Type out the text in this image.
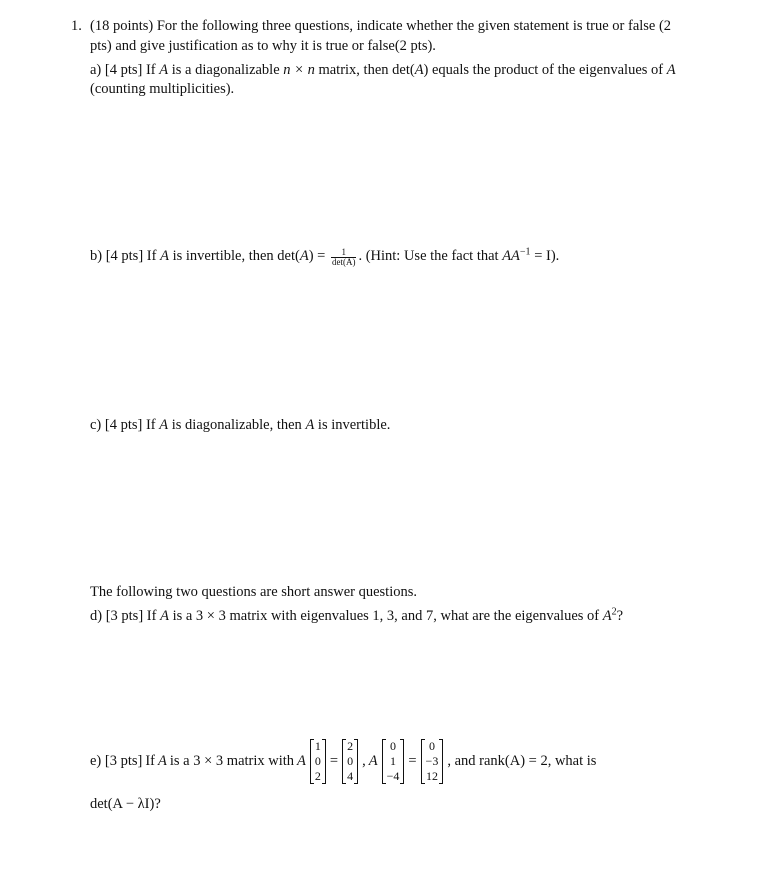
1. (18 points) For the following three questions, indicate whether the given statement is true or false (2
pts) and give justification as to why it is true or false(2 pts).
a) [4 pts] If A is a diagonalizable n × n matrix, then det(A) equals the product of the eigenvalues of A
(counting multiplicities).
b) [4 pts] If A is invertible, then $\det(A) = \frac{1}{\det(A)}$ . (Hint: Use the fact that $AA^{-1} = I$).
c) [4 pts] If A is diagonalizable, then A is invertible.
The following two questions are short answer questions.
d) [3 pts] If A is a 3 × 3 matrix with eigenvalues 1, 3, and 7, what are the eigenvalues of $A^2$?
e) [3 pts] If A is a 3 × 3 matrix with A
1
0
2
=
2
0
4
, A
0
1
−4
=
0
−3
12
, and rank(A) = 2, what is
det(A − λI)?
